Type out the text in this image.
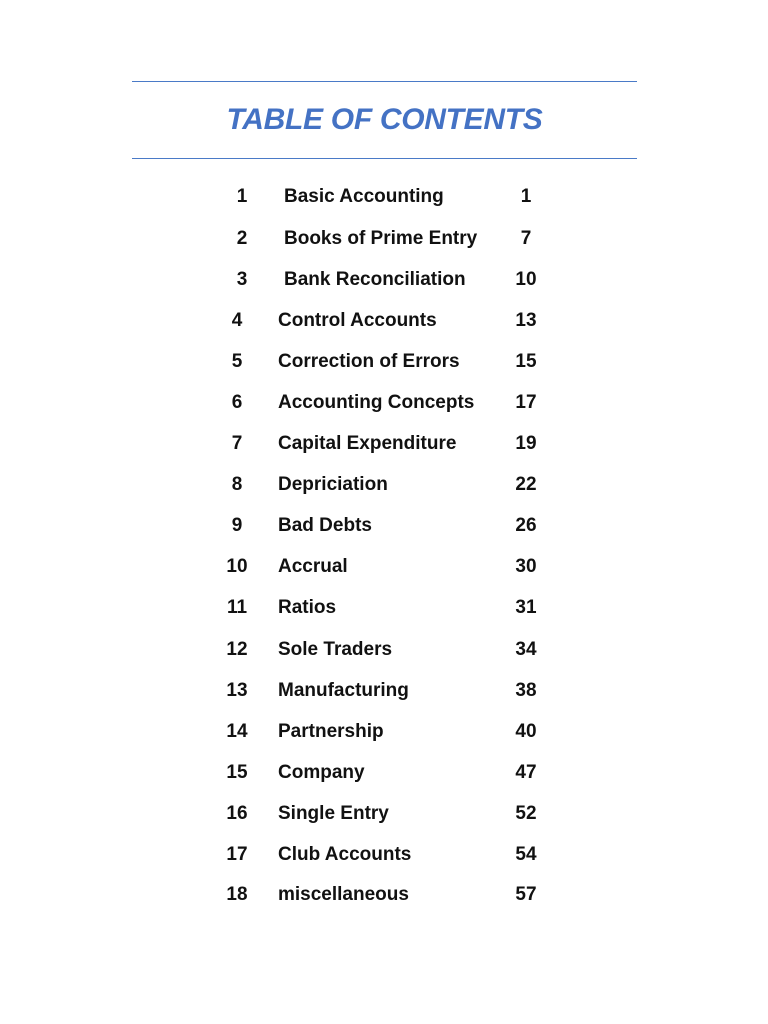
TABLE OF CONTENTS
1	Basic Accounting	1
2	Books of Prime Entry	7
3	Bank Reconciliation	10
4	Control Accounts	13
5	Correction of Errors	15
6	Accounting Concepts	17
7	Capital Expenditure	19
8	Depriciation	22
9	Bad Debts	26
10 Accrual	30
11 Ratios	31
12 Sole Traders	34
13 Manufacturing	38
14 Partnership	40
15 Company	47
16 Single Entry	52
17 Club Accounts	54
18 miscellaneous	57
